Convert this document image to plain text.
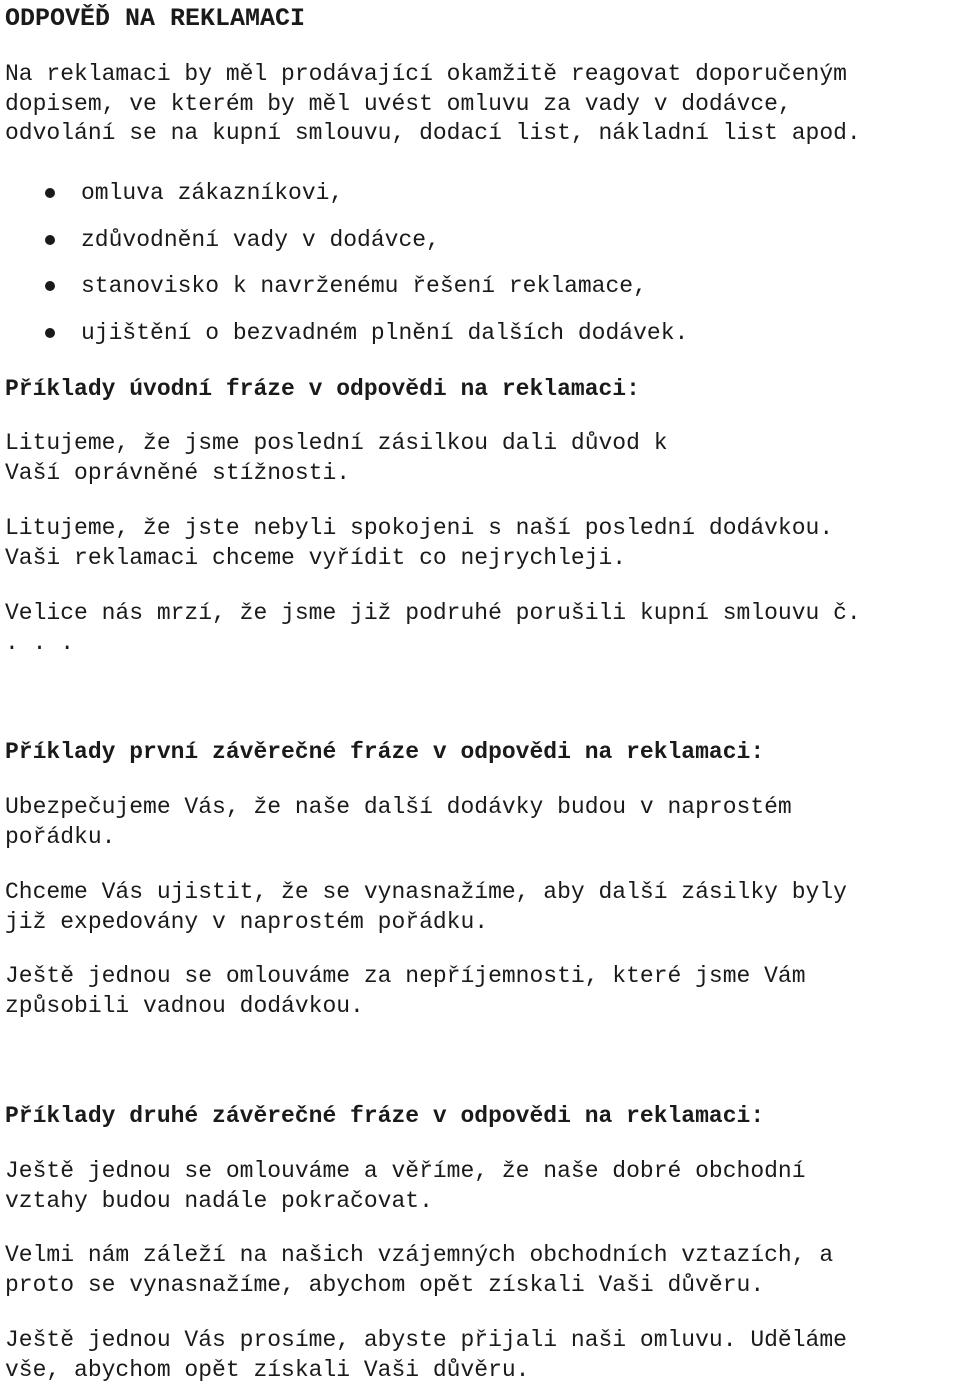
ODPOVĚĎ NA REKLAMACI

Na reklamaci by měl prodávající okamžitě reagovat doporučeným
dopisem, ve kterém by měl uvést omluvu za vady v dodávce,
odvolání se na kupní smlouvu, dodací list, nákladní list apod.

omluva zákazníkovi,
zdůvodnění vady v dodávce,
stanovisko k navrženému řešení reklamace,
ujištění o bezvadném plnění dalších dodávek.
Příklady úvodní fráze v odpovědi na reklamaci:

Litujeme, že jsme poslední zásilkou dali důvod k
Vaší oprávněné stížnosti.

Litujeme, že jste nebyli spokojeni s naší poslední dodávkou.
Vaši reklamaci chceme vyřídit co nejrychleji.

Velice nás mrzí, že jsme již podruhé porušili kupní smlouvu č.
. . .

Příklady první závěrečné fráze v odpovědi na reklamaci:

Ubezpečujeme Vás, že naše další dodávky budou v naprostém
pořádku.

Chceme Vás ujistit, že se vynasnažíme, aby další zásilky byly
již expedovány v naprostém pořádku.

Ještě jednou se omlouváme za nepříjemnosti, které jsme Vám
způsobili vadnou dodávkou.

Příklady druhé závěrečné fráze v odpovědi na reklamaci:

Ještě jednou se omlouváme a věříme, že naše dobré obchodní
vztahy budou nadále pokračovat.

Velmi nám záleží na našich vzájemných obchodních vztazích, a
proto se vynasnažíme, abychom opět získali Vaši důvěru.

Ještě jednou Vás prosíme, abyste přijali naši omluvu. Uděláme
vše, abychom opět získali Vaši důvěru.
